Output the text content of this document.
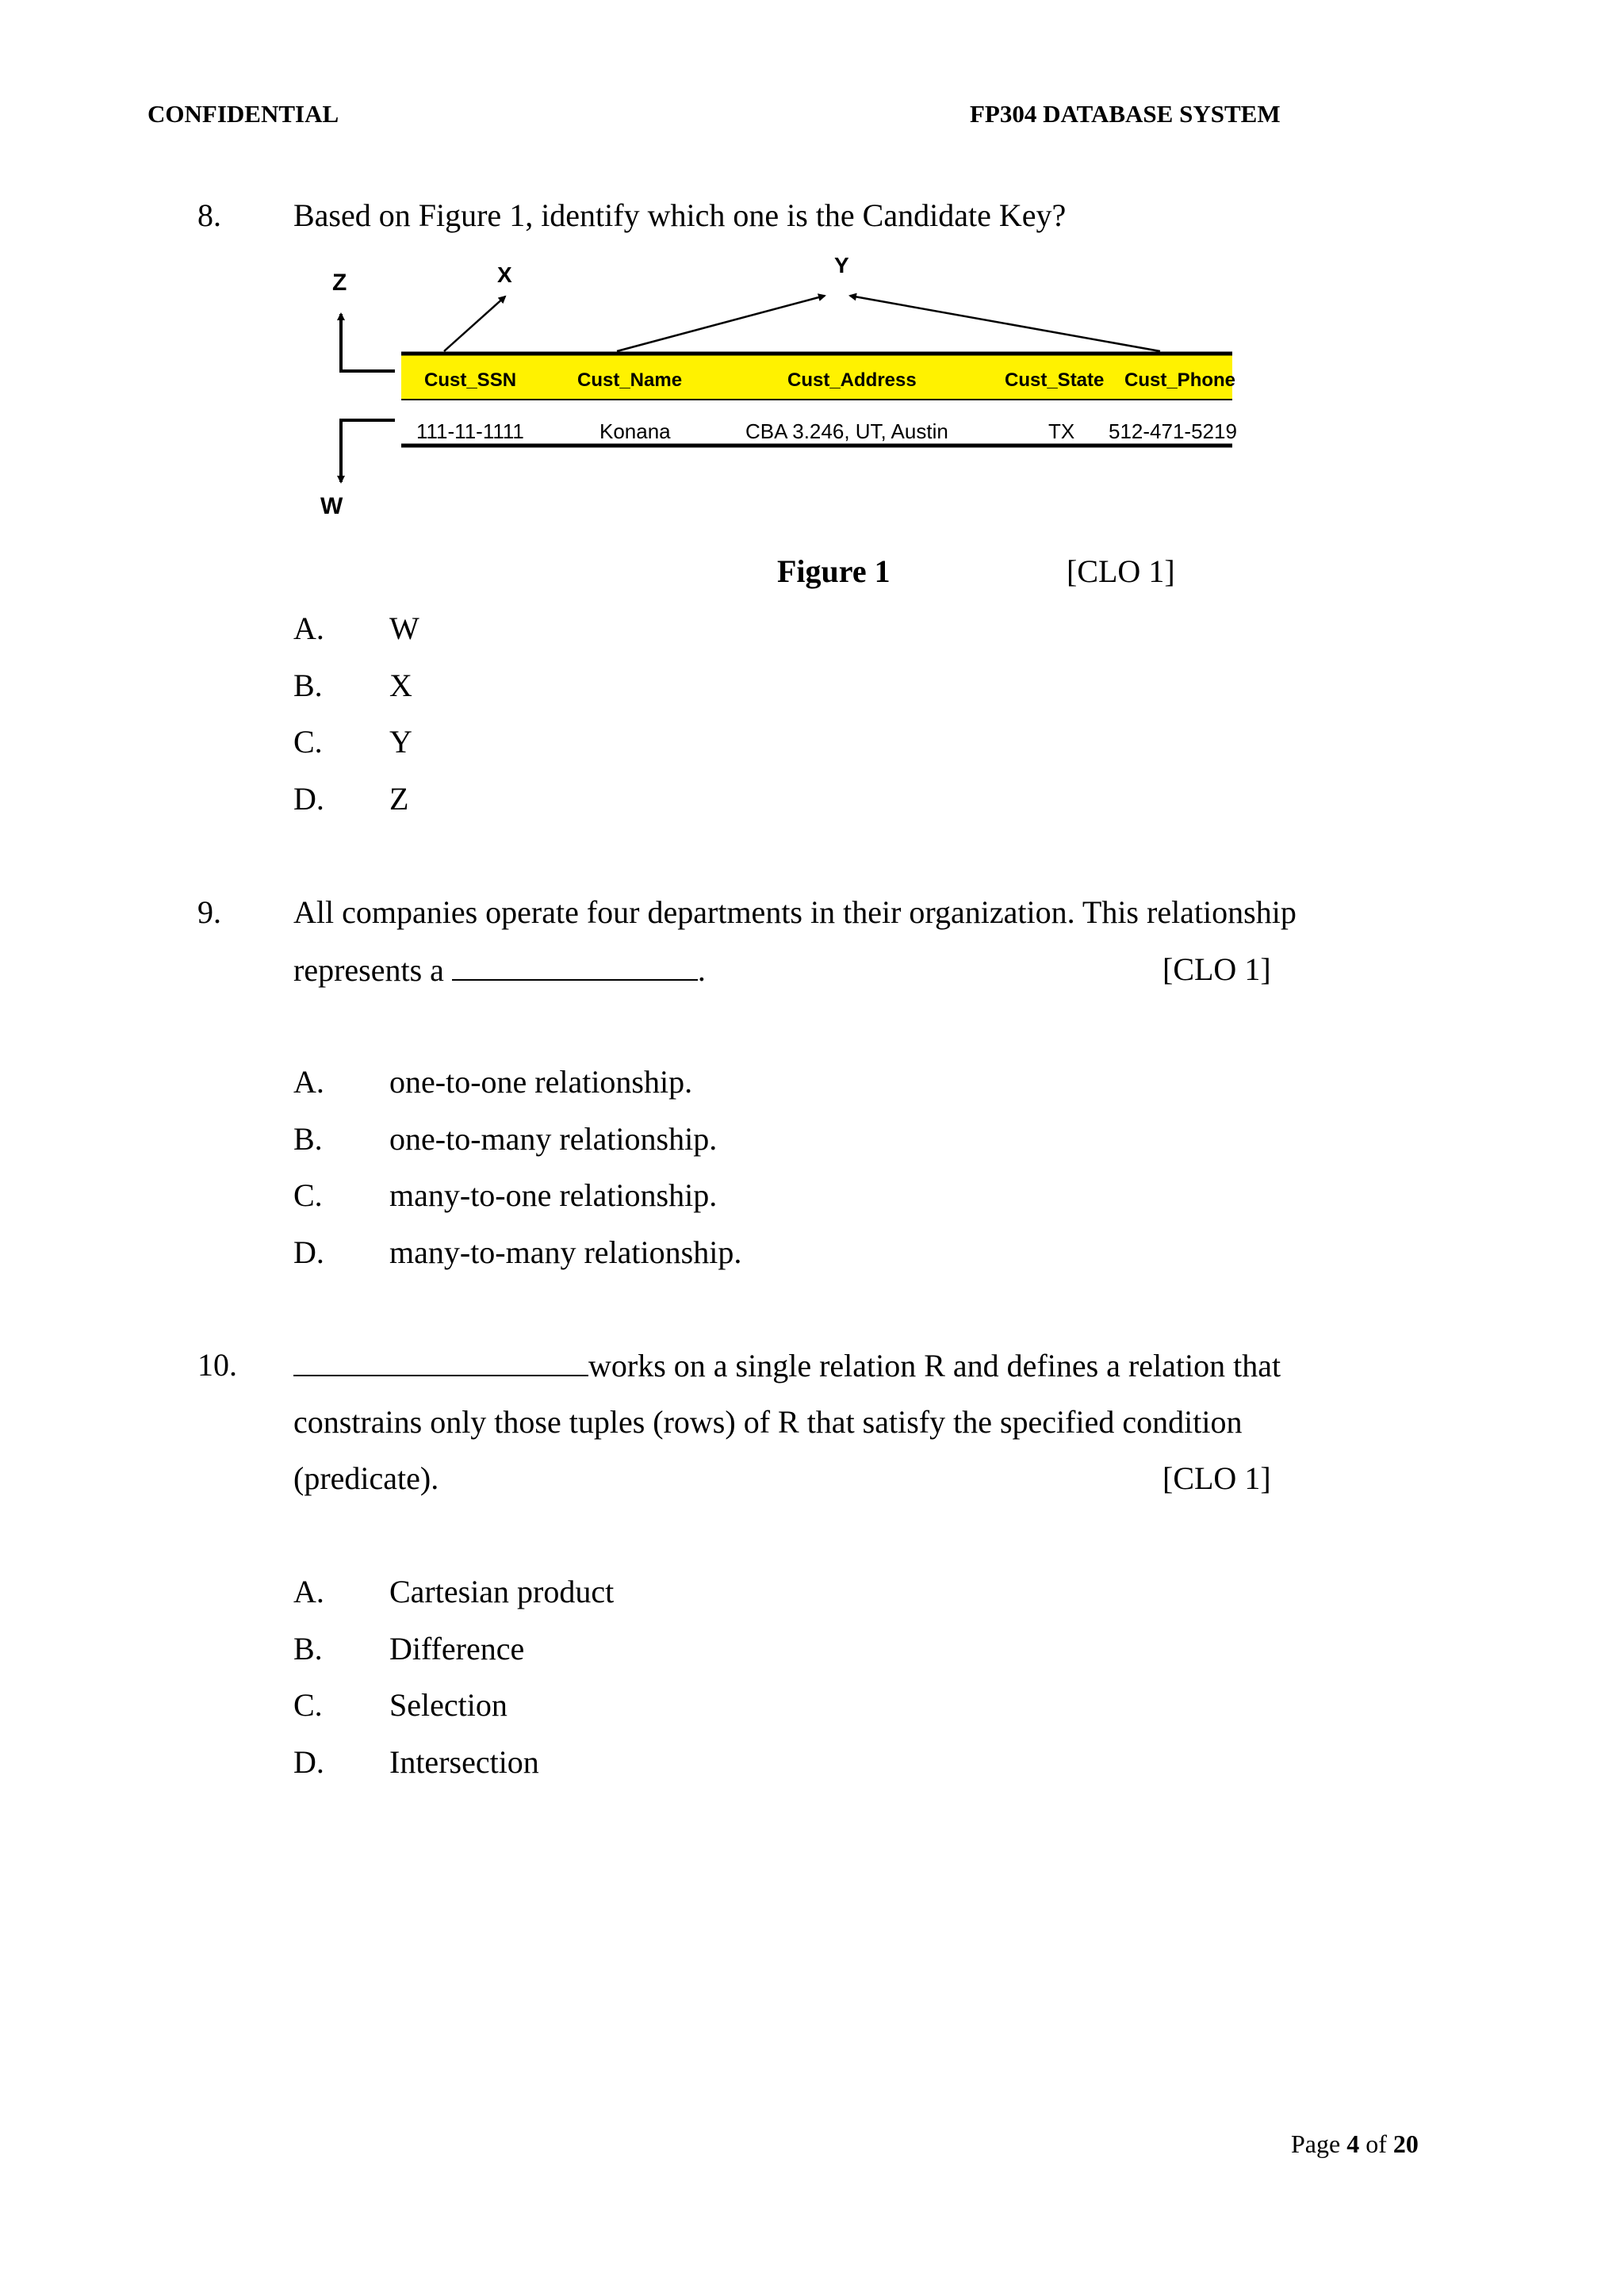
CONFIDENTIAL	FP304 DATABASE SYSTEM
8. Based on Figure 1, identify which one is the Candidate Key?
Cust_SSN	Cust_Name	Cust_Address	Cust_State Cust_Phone
111-11-1111	Konana	CBA 3.246, UT, Austin	TX 512-471-5219
Z
W
X	Y
Figure 1	[CLO 1]
A. W
B. X
C. Y
D. Z
9. All companies operate four departments in their organization. This relationship
represents a	.	[CLO 1]
A. one-to-one relationship.
B. one-to-many relationship.
C. many-to-one relationship.
D. many-to-many relationship.
10.	works on a single relation R and defines a relation that
constrains only those tuples (rows) of R that satisfy the specified condition
(predicate).	[CLO 1]
A. Cartesian product
B. Difference
C. Selection
D. Intersection
Page 4 of 20
